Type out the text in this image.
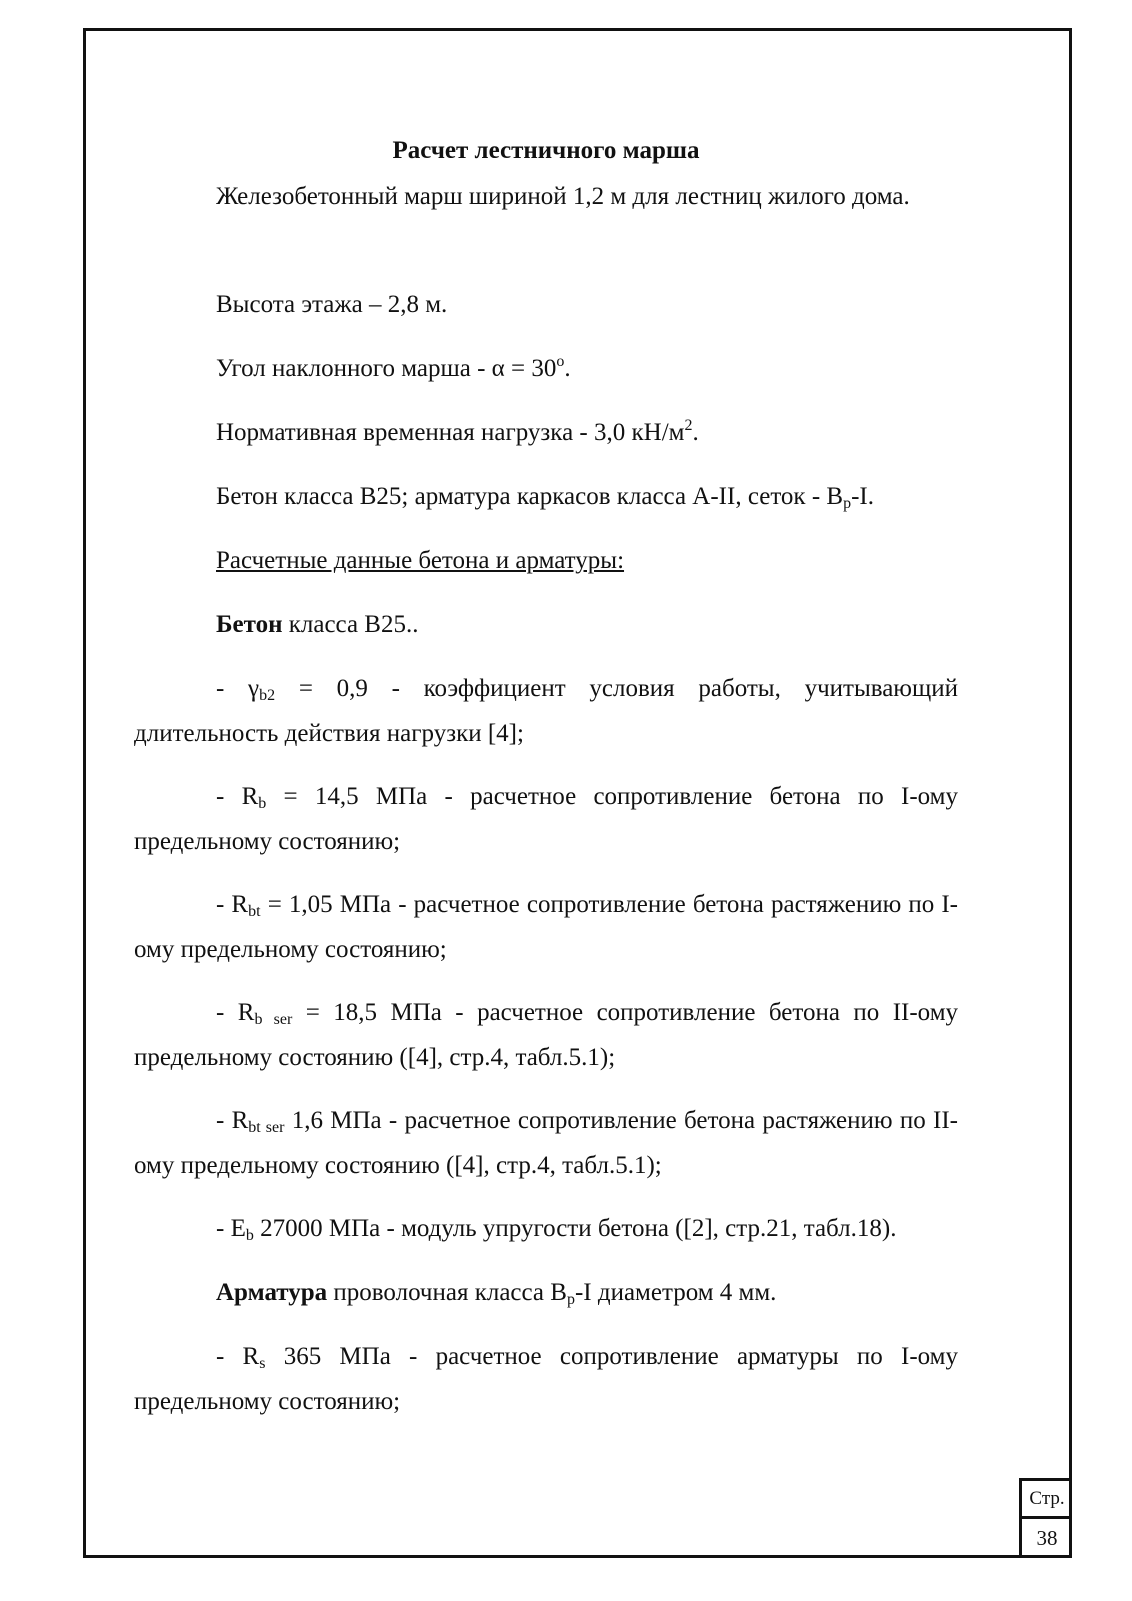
Расчет лестничного марша

Железобетонный марш шириной 1,2 м для лестниц жилого дома.

Высота этажа – 2,8 м.

Угол наклонного марша - $\alpha = 30^o$.

Нормативная временная нагрузка - 3,0 $кН/м^2$.

Бетон класса В25; арматура каркасов класса А-II, сеток - $В_р-I$.

Расчетные данные бетона и арматуры:

Бетон класса В25..

- $\gamma_{b2} = 0,9$ - коэффициент условия работы, учитывающий длительность действия нагрузки [4];

- $R_b = 14,5$ МПа - расчетное сопротивление бетона по I-ому предельному состоянию;

- $R_{bt} = 1,05$ МПа - расчетное сопротивление бетона растяжению по I-ому предельному состоянию;

- $R_{b ser} = 18,5$ МПа - расчетное сопротивление бетона по II-ому предельному состоянию ([4], стр.4, табл.5.1);

- $R_{bt ser}$ 1,6 МПа - расчетное сопротивление бетона растяжению по II-ому предельному состоянию ([4], стр.4, табл.5.1);

- $E_b$ 27000 МПа - модуль упругости бетона ([2], стр.21, табл.18).

Арматура проволочная класса $В_р-I$ диаметром 4 мм.

- $R_s$ 365 МПа - расчетное сопротивление арматуры по I-ому предельному состоянию;

Стр.
38
